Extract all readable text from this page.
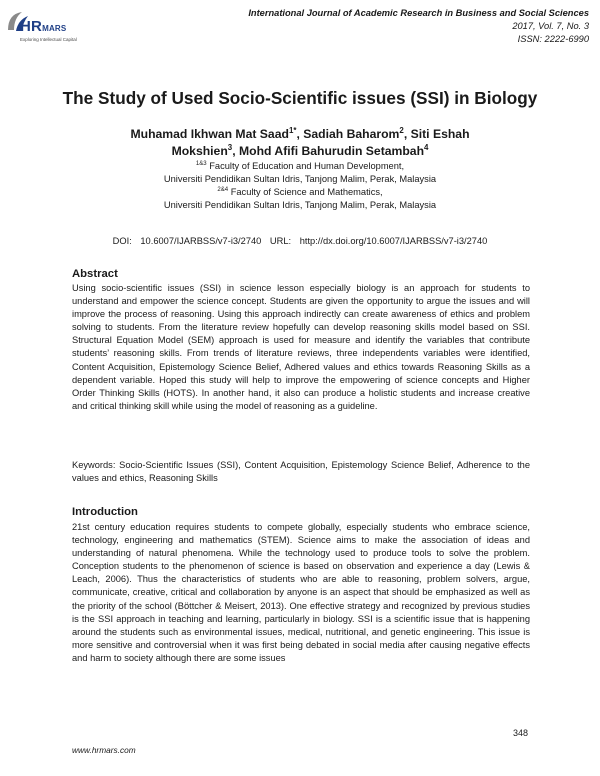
HRMARS
Exploring Intellectual Capital
International Journal of Academic Research in Business and Social Sciences
2017, Vol. 7, No. 3
ISSN: 2222-6990
The Study of Used Socio-Scientific issues (SSI) in Biology
Muhamad Ikhwan Mat Saad$^{1*}$, Sadiah Baharom$^2$, Siti Eshah Mokshien$^3$, Mohd Afifi Bahurudin Setambah$^4$
$^{1\&3}$ Faculty of Education and Human Development,
Universiti Pendidikan Sultan Idris, Tanjong Malim, Perak, Malaysia
$^{2\&4}$ Faculty of Science and Mathematics,
Universiti Pendidikan Sultan Idris, Tanjong Malim, Perak, Malaysia
DOI: 10.6007/IJARBSS/v7-i3/2740 URL: http://dx.doi.org/10.6007/IJARBSS/v7-i3/2740
Abstract
Using socio-scientific issues (SSI) in science lesson especially biology is an approach for students to understand and empower the science concept. Students are given the opportunity to argue the issues and will improve the process of reasoning. Using this approach indirectly can create awareness of ethics and problem solving to students. From the literature review hopefully can develop reasoning skills model based on SSI. Structural Equation Model (SEM) approach is used for measure and identify the variables that contribute students’ reasoning skills. From trends of literature reviews, three independents variables were identified, Content Acquisition, Epistemology Science Belief, Adhered values and ethics towards Reasoning Skills as a dependent variable. Hoped this study will help to improve the empowering of science concepts and Higher Order Thinking Skills (HOTS). In another hand, it also can produce a holistic students and increase creative and critical thinking skill while using the model of reasoning as a guideline.
Keywords: Socio-Scientific Issues (SSI), Content Acquisition, Epistemology Science Belief, Adherence to the values and ethics, Reasoning Skills
Introduction
21st century education requires students to compete globally, especially students who embrace science, technology, engineering and mathematics (STEM). Science aims to make the association of ideas and understanding of natural phenomena. While the technology used to produce tools to solve the problem. Conception students to the phenomenon of science is based on observation and experience a day (Lewis & Leach, 2006). Thus the characteristics of students who are able to reasoning, problem solvers, argue, communicate, creative, critical and collaboration by anyone is an aspect that should be emphasized as well as the priority of the school (Böttcher & Meisert, 2013). One effective strategy and recognized by previous studies is the SSI approach in teaching and learning, particularly in biology. SSI is a scientific issue that is happening around the students such as environmental issues, medical, nutritional, and genetic engineering. This issue is more sensitive and controversial when it was first being debated in social media after causing negative effects and harm to society although there are some issues
348
www.hrmars.com
